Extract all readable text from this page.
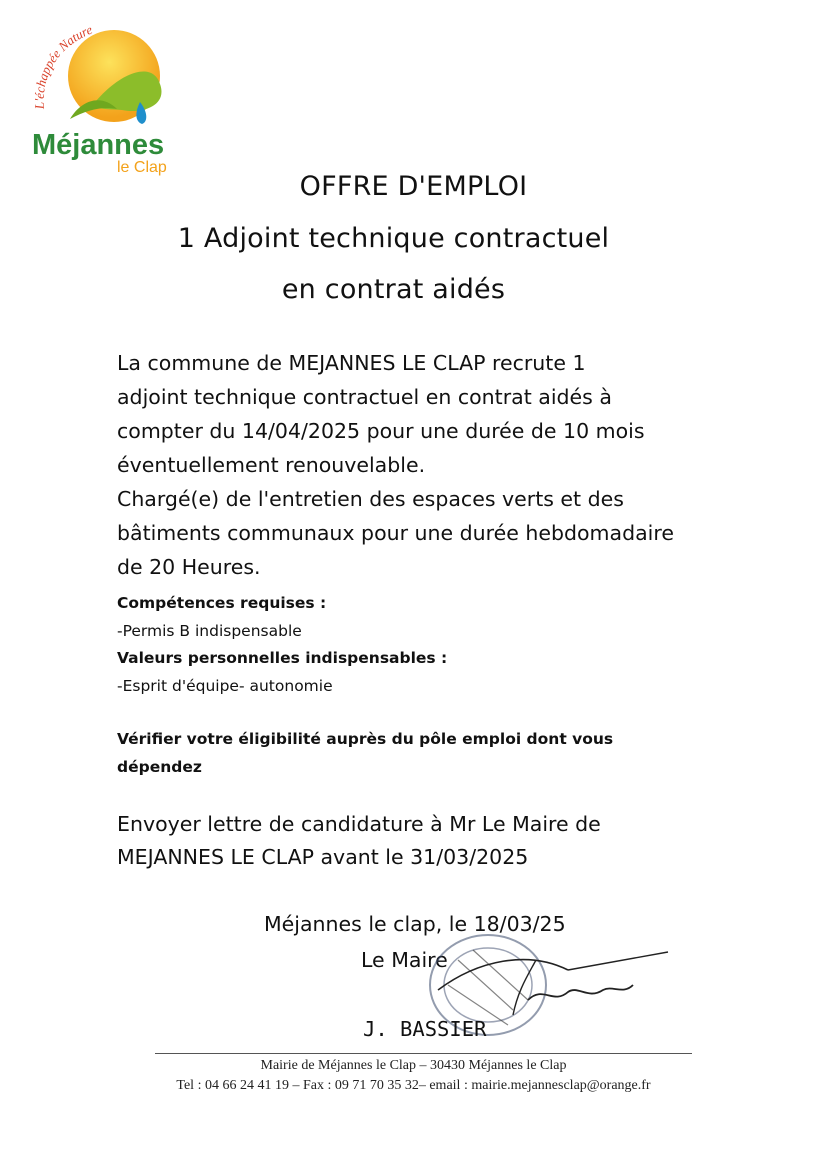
L'échappée Nature
Méjannes
le Clap
OFFRE D'EMPLOI
1 Adjoint technique contractuel
en contrat aidés

La commune de MEJANNES LE CLAP recrute 1

adjoint technique contractuel en contrat aidés à

compter du 14/04/2025 pour une durée de 10 mois

éventuellement renouvelable.

Chargé(e) de l'entretien des espaces verts et des

bâtiments communaux pour une durée hebdomadaire

de 20 Heures.

Compétences requises :
-Permis B indispensable
Valeurs personnelles indispensables :
-Esprit d'équipe- autonomie
Vérifier votre éligibilité auprès du pôle emploi dont vous
dépendez
Envoyer lettre de candidature à Mr Le Maire de
MEJANNES LE CLAP avant le 31/03/2025
Méjannes le clap, le 18/03/25
Le Maire
J. BASSIER
Mairie de Méjannes le Clap – 30430 Méjannes le Clap
Tel : 04 66 24 41 19 – Fax : 09 71 70 35 32– email : mairie.mejannesclap@orange.fr
